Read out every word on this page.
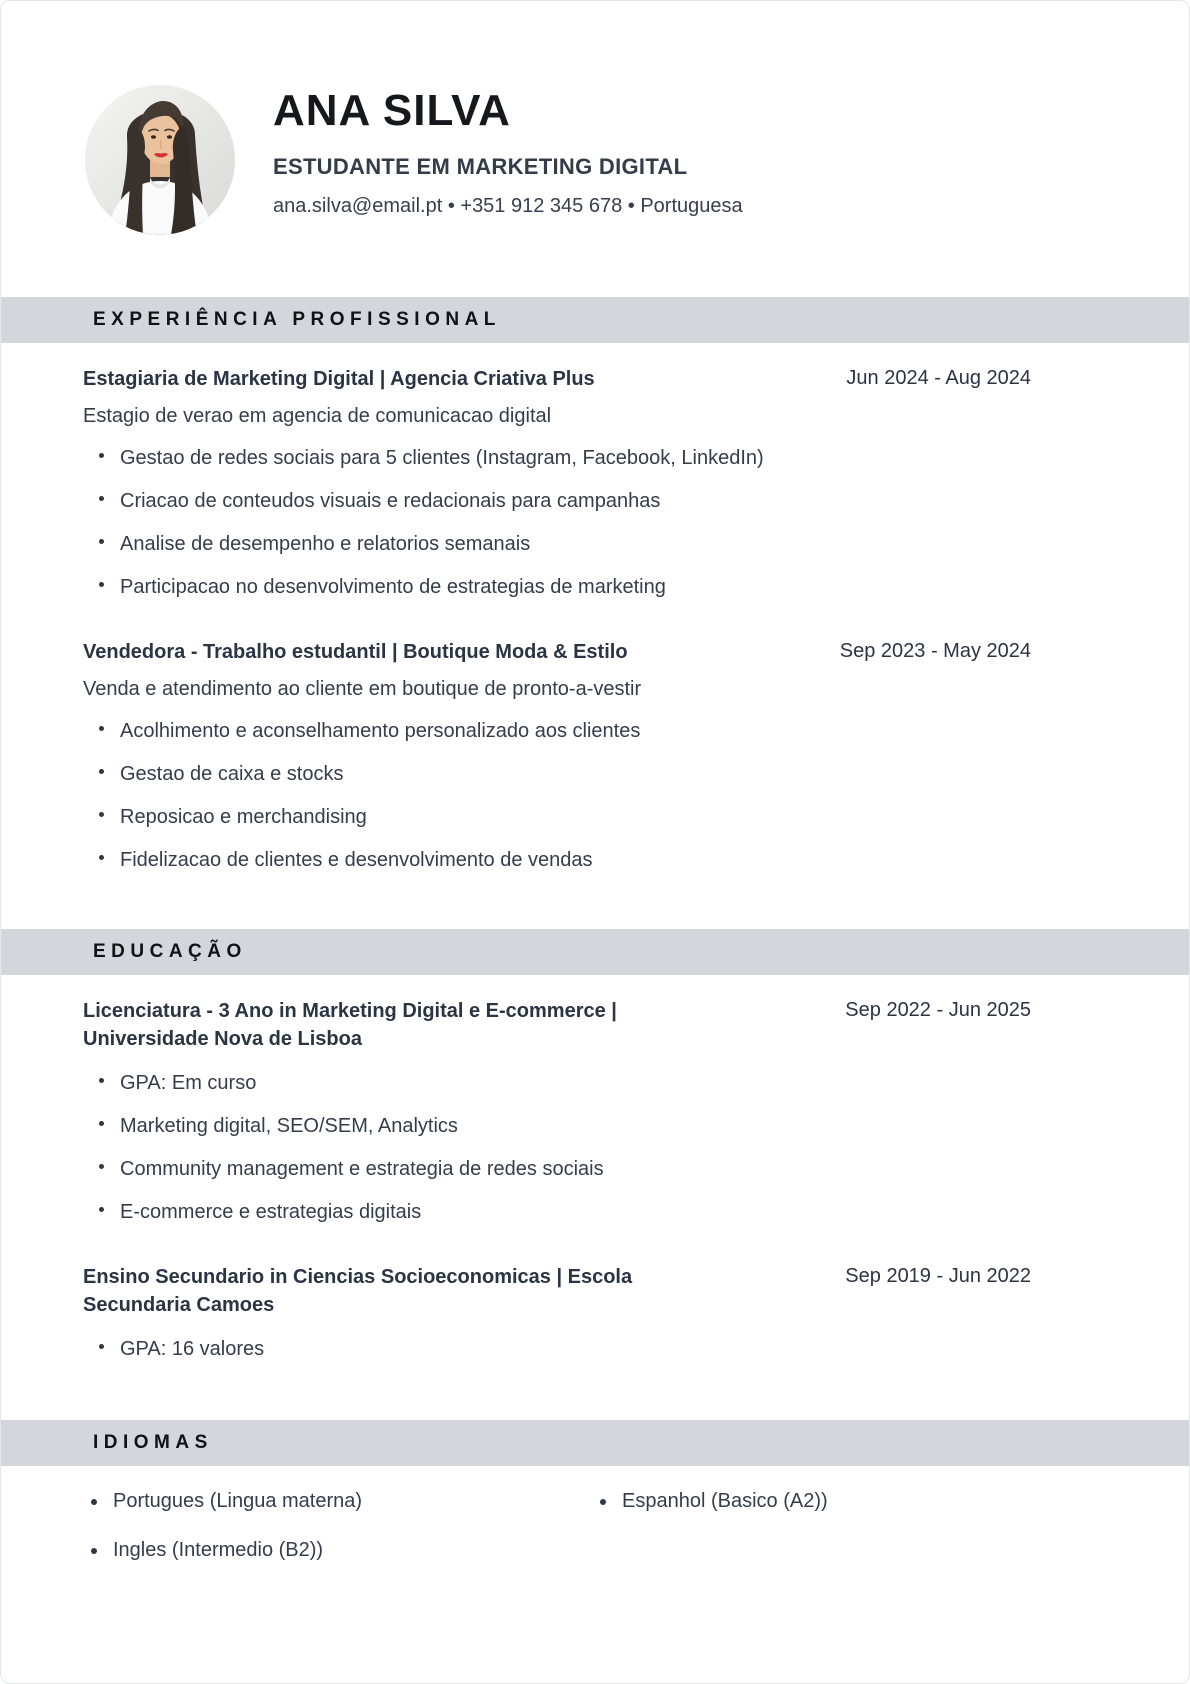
ANA SILVA
ESTUDANTE EM MARKETING DIGITAL
ana.silva@email.pt • +351 912 345 678 • Portuguesa
EXPERIÊNCIA PROFISSIONAL
Estagiaria de Marketing Digital | Agencia Criativa Plus	Jun 2024 - Aug 2024

Estagio de verao em agencia de comunicacao digital

Gestao de redes sociais para 5 clientes (Instagram, Facebook, LinkedIn)
Criacao de conteudos visuais e redacionais para campanhas
Analise de desempenho e relatorios semanais
Participacao no desenvolvimento de estrategias de marketing
Vendedora - Trabalho estudantil | Boutique Moda & Estilo	Sep 2023 - May 2024

Venda e atendimento ao cliente em boutique de pronto-a-vestir

Acolhimento e aconselhamento personalizado aos clientes
Gestao de caixa e stocks
Reposicao e merchandising
Fidelizacao de clientes e desenvolvimento de vendas
EDUCAÇÃO
Licenciatura - 3 Ano in Marketing Digital e E-commerce | Universidade Nova de Lisboa
Sep 2022 - Jun 2025
GPA: Em curso
Marketing digital, SEO/SEM, Analytics
Community management e estrategia de redes sociais
E-commerce e estrategias digitais
Ensino Secundario in Ciencias Socioeconomicas | Escola Secundaria Camoes
Sep 2019 - Jun 2022
GPA: 16 valores
IDIOMAS
Portugues (Lingua materna)
Ingles (Intermedio (B2))
Espanhol (Basico (A2))
